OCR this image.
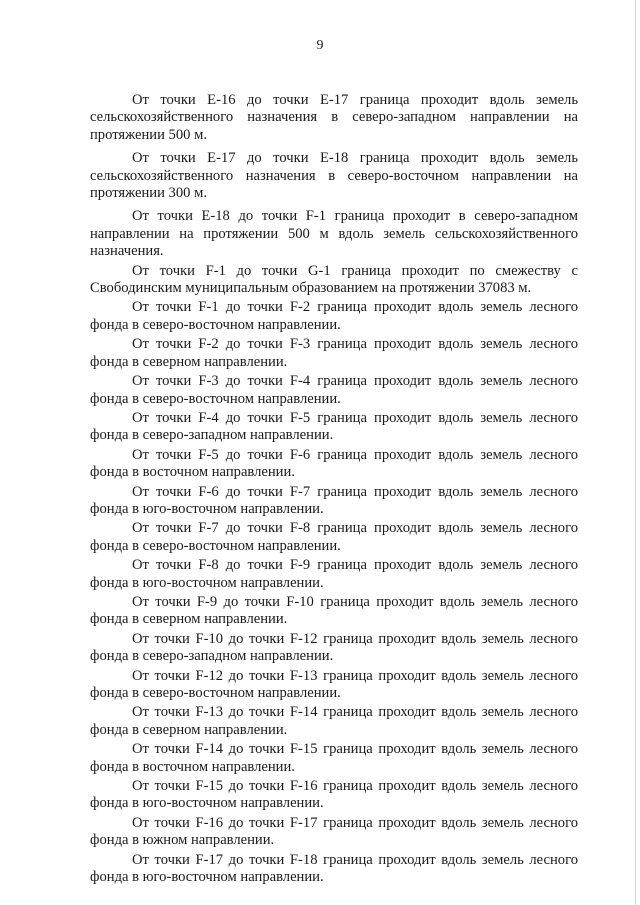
9

От точки Е-16 до точки Е-17 граница проходит вдоль земель сельскохозяйственного назначения в северо-западном направлении на протяжении 500 м.

От точки Е-17 до точки Е-18 граница проходит вдоль земель сельскохозяйственного назначения в северо-восточном направлении на протяжении 300 м.

От точки Е-18 до точки F-1 граница проходит в северо-западном направлении на протяжении 500 м вдоль земель сельскохозяйственного назначения.

От точки F-1 до точки G-1 граница проходит по смежеству с Свободинским муниципальным образованием на протяжении 37083 м.

От точки F-1 до точки F-2 граница проходит вдоль земель лесного фонда в северо-восточном направлении.

От точки F-2 до точки F-3 граница проходит вдоль земель лесного фонда в северном направлении.

От точки F-3 до точки F-4 граница проходит вдоль земель лесного фонда в северо-восточном направлении.

От точки F-4 до точки F-5 граница проходит вдоль земель лесного фонда в северо-западном направлении.

От точки F-5 до точки F-6 граница проходит вдоль земель лесного фонда в восточном направлении.

От точки F-6 до точки F-7 граница проходит вдоль земель лесного фонда в юго-восточном направлении.

От точки F-7 до точки F-8 граница проходит вдоль земель лесного фонда в северо-восточном направлении.

От точки F-8 до точки F-9 граница проходит вдоль земель лесного фонда в юго-восточном направлении.

От точки F-9 до точки F-10 граница проходит вдоль земель лесного фонда в северном направлении.

От точки F-10 до точки F-12 граница проходит вдоль земель лесного фонда в северо-западном направлении.

От точки F-12 до точки F-13 граница проходит вдоль земель лесного фонда в северо-восточном направлении.

От точки F-13 до точки F-14 граница проходит вдоль земель лесного фонда в северном направлении.

От точки F-14 до точки F-15 граница проходит вдоль земель лесного фонда в восточном направлении.

От точки F-15 до точки F-16 граница проходит вдоль земель лесного фонда в юго-восточном направлении.

От точки F-16 до точки F-17 граница проходит вдоль земель лесного фонда в южном направлении.

От точки F-17 до точки F-18 граница проходит вдоль земель лесного фонда в юго-восточном направлении.
